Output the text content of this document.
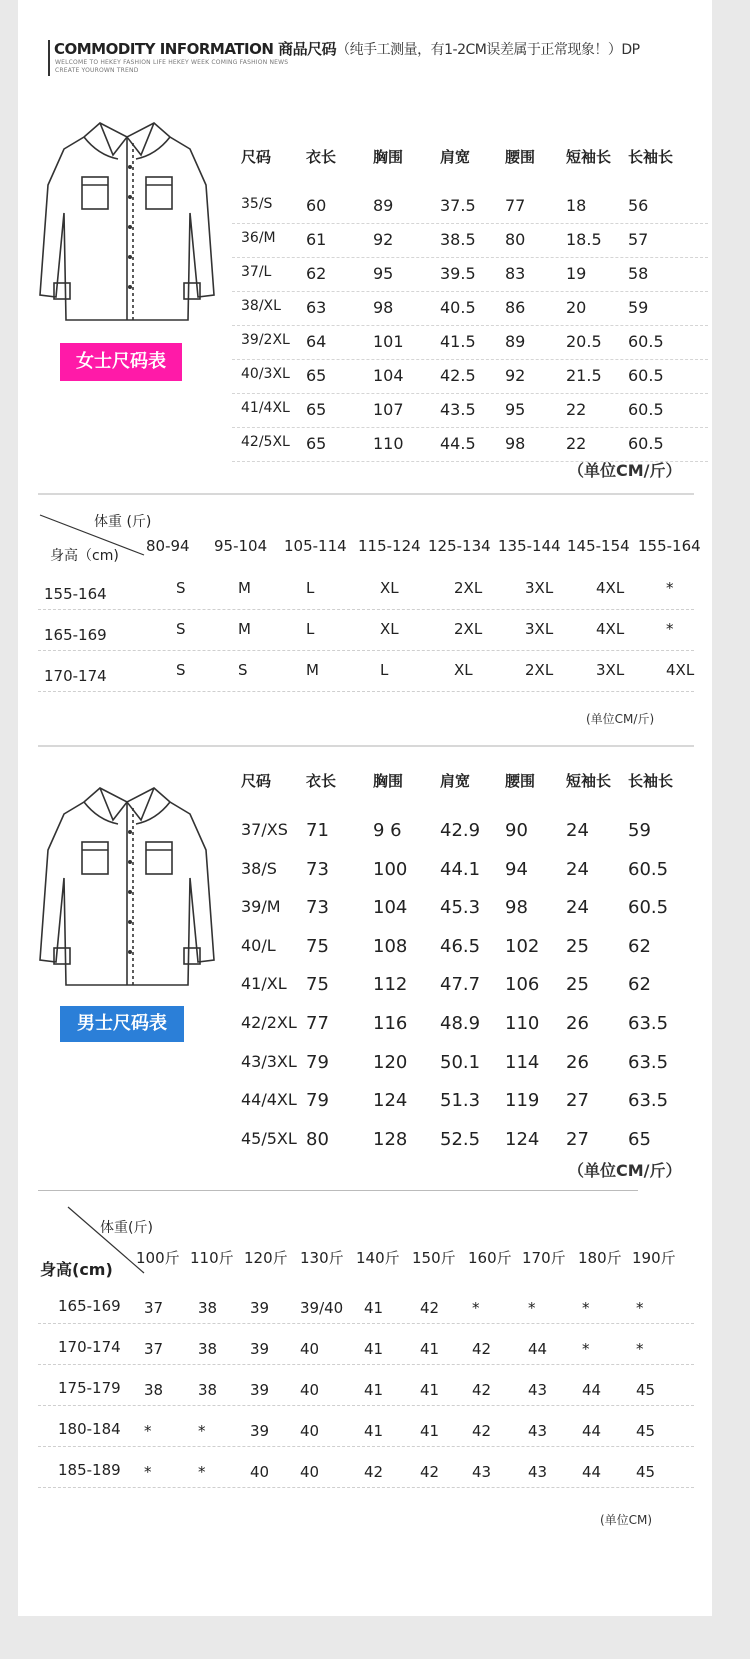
COMMODITY INFORMATION 商品尺码（纯手工测量，有1-2CM误差属于正常现象！）DP
WELCOME TO HEKEY FASHION LIFE HEKEY WEEK COMING FASHION NEWS
CREATE YOUROWN TREND
女士尺码表
尺码 衣长 胸围 肩宽 腰围 短袖长 长袖长
35/S 60	89	37.5 77	18	56
36/M 61	92	38.5 80	18.5 57
37/L 62	95	39.5 83	19	58
38/XL 63	98	40.5 86	20	59
39/2XL 64	101 41.5 89	20.5 60.5
40/3XL 65	104 42.5 92	21.5 60.5
41/4XL 65	107 43.5 95	22	60.5
42/5XL 65	110 44.5 98	22	60.5
（单位CM/斤）
体重 (斤)
身高（cm)
80-94 95-104 105-114 115-124 125-134 135-144 145-154 155-164
155-164	S	M	L	XL	2XL	3XL	4XL	*
165-169	S	M	L	XL	2XL	3XL	4XL	*
170-174	S	S	M	L	XL	2XL	3XL	4XL
(单位CM/斤)
男士尺码表
尺码 衣长 胸围 肩宽 腰围 短袖长 长袖长
37/XS 71 9 6 42.9 90 24 59
38/S 73 100 44.1 94 24 60.5
39/M 73 104 45.3 98 24 60.5
40/L 75 108 46.5 102 25 62
41/XL 75 112 47.7 106 25 62
42/2XL 77 116 48.9 110 26 63.5
43/3XL 79 120 50.1 114 26 63.5
44/4XL 79 124 51.3 119 27 63.5
45/5XL 80 128 52.5 124 27 65
（单位CM/斤）
体重(斤)
身高(cm)
100斤 110斤 120斤 130斤 140斤 150斤 160斤 170斤 180斤 190斤
165-169 37 38 39 39/40 41 42 *	*	*	*
170-174 37 38 39 40	41 41 42 44 *	*
175-179 38 38 39 40	41 41 42 43 44 45
180-184 *	*	39 40	41 41 42 43 44 45
185-189 *	*	40 40	42 42 43 43 44 45
(单位CM)
